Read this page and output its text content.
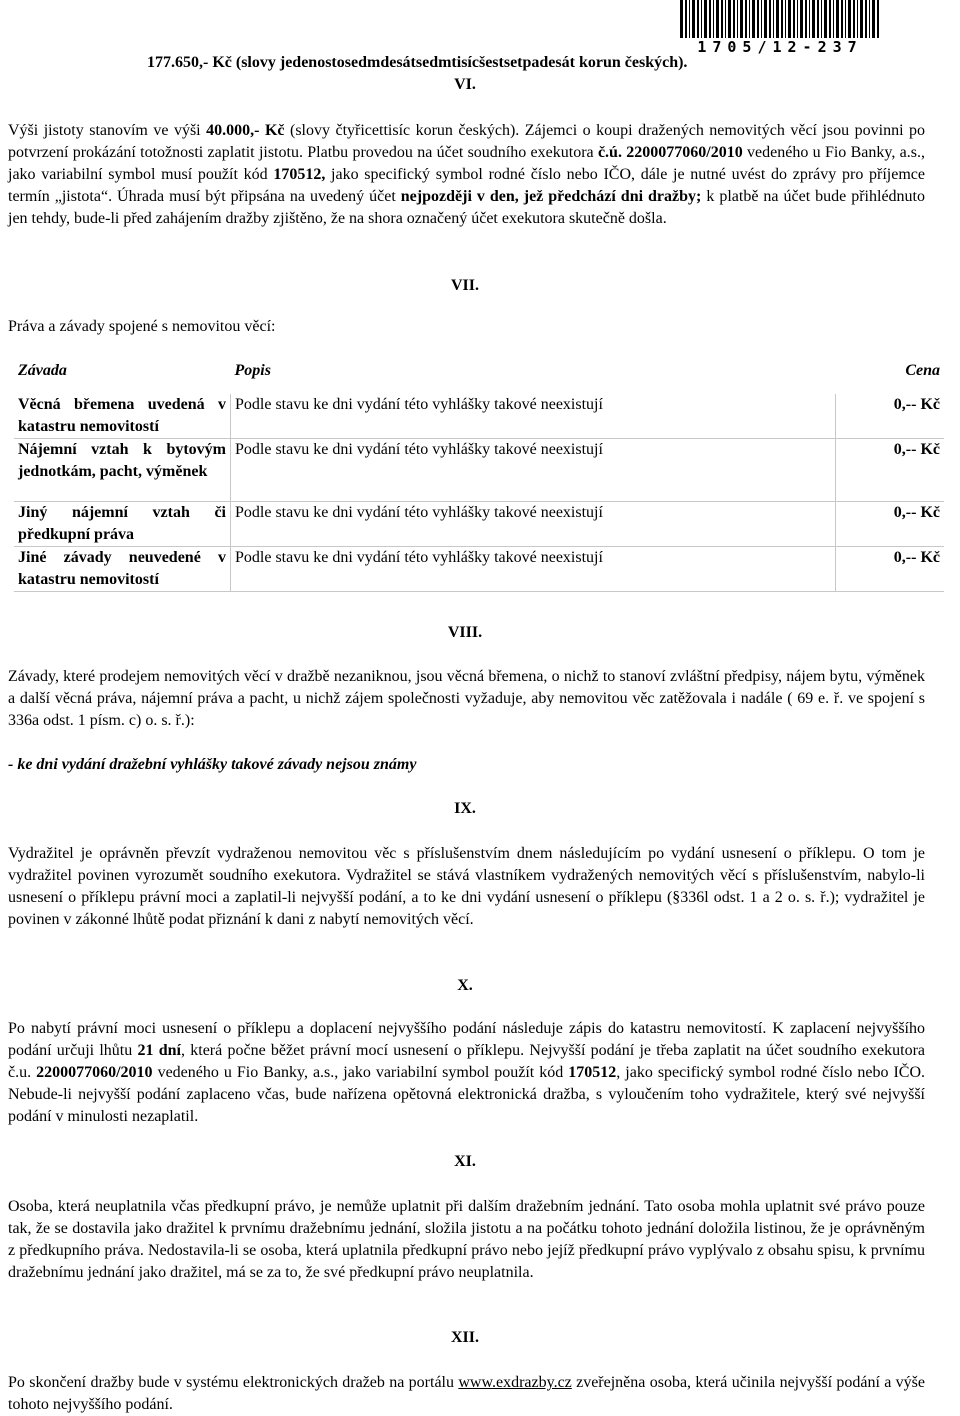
1705/12-237
177.650,- Kč (slovy jedenostosedmdesátsedmtisícšestsetpadesát korun českých).
VI.
Výši jistoty stanovím ve výši 40.000,- Kč (slovy čtyřicettisíc korun českých). Zájemci o koupi dražených nemovitých věcí jsou povinni po potvrzení prokázání totožnosti zaplatit jistotu. Platbu provedou na účet soudního exekutora č.ú. 2200077060/2010 vedeného u Fio Banky, a.s., jako variabilní symbol musí použít kód 170512, jako specifický symbol rodné číslo nebo IČO, dále je nutné uvést do zprávy pro příjemce termín „jistota“. Úhrada musí být připsána na uvedený účet nejpozději v den, jež předchází dni dražby; k platbě na účet bude přihlédnuto jen tehdy, bude-li před zahájením dražby zjištěno, že na shora označený účet exekutora skutečně došla.
VII.
Práva a závady spojené s nemovitou věcí:
Závada	Popis	Cena
Věcná břemena uvedená v katastru nemovitostí	Podle stavu ke dni vydání této vyhlášky takové neexistují	0,-- Kč
Nájemní vztah k bytovým jednotkám, pacht, výměnek	Podle stavu ke dni vydání této vyhlášky takové neexistují	0,-- Kč
Jiný nájemní vztah či předkupní práva	Podle stavu ke dni vydání této vyhlášky takové neexistují	0,-- Kč
Jiné závady neuvedené v katastru nemovitostí	Podle stavu ke dni vydání této vyhlášky takové neexistují	0,-- Kč
VIII.
Závady, které prodejem nemovitých věcí v dražbě nezaniknou, jsou věcná břemena, o nichž to stanoví zvláštní předpisy, nájem bytu, výměnek a další věcná práva, nájemní práva a pacht, u nichž zájem společnosti vyžaduje, aby nemovitou věc zatěžovala i nadále ( 69 e. ř. ve spojení s 336a odst. 1 písm. c) o. s. ř.):
- ke dni vydání dražební vyhlášky takové závady nejsou známy
IX.
Vydražitel je oprávněn převzít vydraženou nemovitou věc s příslušenstvím dnem následujícím po vydání usnesení o příklepu. O tom je vydražitel povinen vyrozumět soudního exekutora. Vydražitel se stává vlastníkem vydražených nemovitých věcí s příslušenstvím, nabylo-li usnesení o příklepu právní moci a zaplatil-li nejvyšší podání, a to ke dni vydání usnesení o příklepu (§336l odst. 1 a 2 o. s. ř.); vydražitel je povinen v zákonné lhůtě podat přiznání k dani z nabytí nemovitých věcí.
X.
Po nabytí právní moci usnesení o příklepu a doplacení nejvyššího podání následuje zápis do katastru nemovitostí. K zaplacení nejvyššího podání určuji lhůtu 21 dní, která počne běžet právní mocí usnesení o příklepu. Nejvyšší podání je třeba zaplatit na účet soudního exekutora č.u. 2200077060/2010 vedeného u Fio Banky, a.s., jako variabilní symbol použít kód 170512, jako specifický symbol rodné číslo nebo IČO. Nebude-li nejvyšší podání zaplaceno včas, bude nařízena opětovná elektronická dražba, s vyloučením toho vydražitele, který své nejvyšší podání v minulosti nezaplatil.
XI.
Osoba, která neuplatnila včas předkupní právo, je nemůže uplatnit při dalším dražebním jednání. Tato osoba mohla uplatnit své právo pouze tak, že se dostavila jako dražitel k prvnímu dražebnímu jednání, složila jistotu a na počátku tohoto jednání doložila listinou, že je oprávněným z předkupního práva. Nedostavila-li se osoba, která uplatnila předkupní právo nebo jejíž předkupní právo vyplývalo z obsahu spisu, k prvnímu dražebnímu jednání jako dražitel, má se za to, že své předkupní právo neuplatnila.
XII.
Po skončení dražby bude v systému elektronických dražeb na portálu www.exdrazby.cz zveřejněna osoba, která učinila nejvyšší podání a výše tohoto nejvyššího podání.
